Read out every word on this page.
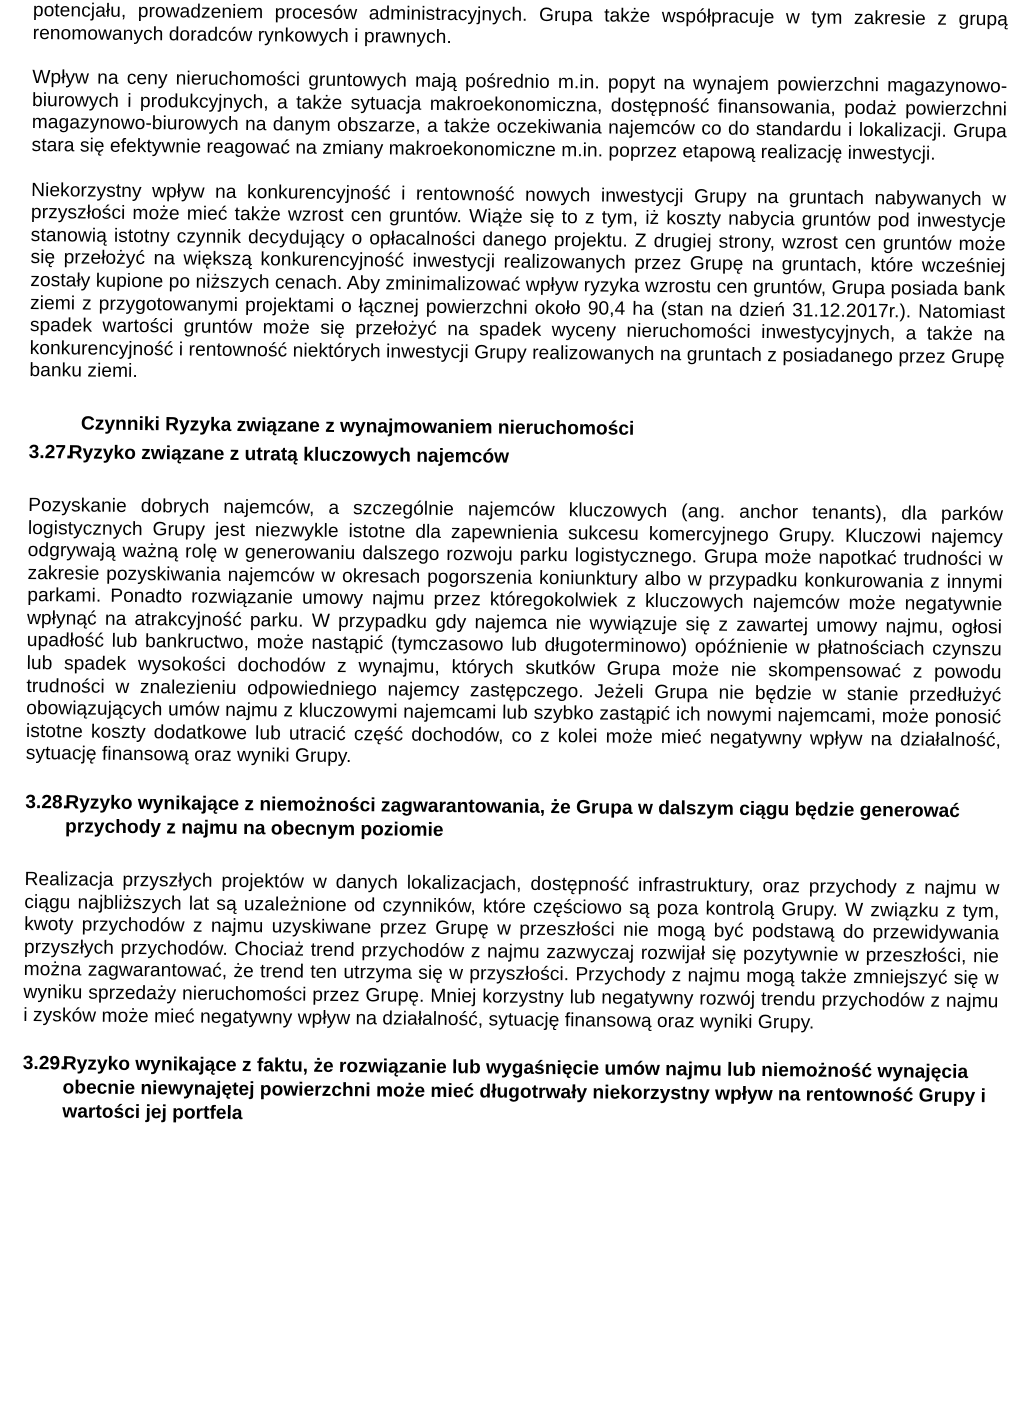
potencjału, prowadzeniem procesów administracyjnych. Grupa także współpracuje w tym zakresie z grupą renomowanych doradców rynkowych i prawnych.

Wpływ na ceny nieruchomości gruntowych mają pośrednio m.in. popyt na wynajem powierzchni magazynowo-biurowych i produkcyjnych, a także sytuacja makroekonomiczna, dostępność finansowania, podaż powierzchni magazynowo-biurowych na danym obszarze, a także oczekiwania najemców co do standardu i lokalizacji. Grupa stara się efektywnie reagować na zmiany makroekonomiczne m.in. poprzez etapową realizację inwestycji.

Niekorzystny wpływ na konkurencyjność i rentowność nowych inwestycji Grupy na gruntach nabywanych w przyszłości może mieć także wzrost cen gruntów. Wiąże się to z tym, iż koszty nabycia gruntów pod inwestycje stanowią istotny czynnik decydujący o opłacalności danego projektu. Z drugiej strony, wzrost cen gruntów może się przełożyć na większą konkurencyjność inwestycji realizowanych przez Grupę na gruntach, które wcześniej zostały kupione po niższych cenach. Aby zminimalizować wpływ ryzyka wzrostu cen gruntów, Grupa posiada bank ziemi z przygotowanymi projektami o łącznej powierzchni około 90,4 ha (stan na dzień 31.12.2017r.). Natomiast spadek wartości gruntów może się przełożyć na spadek wyceny nieruchomości inwestycyjnych, a także na konkurencyjność i rentowność niektórych inwestycji Grupy realizowanych na gruntach z posiadanego przez Grupę banku ziemi.

Czynniki Ryzyka związane z wynajmowaniem nieruchomości

3.27.
Ryzyko związane z utratą kluczowych najemców

Pozyskanie dobrych najemców, a szczególnie najemców kluczowych (ang. anchor tenants), dla parków logistycznych Grupy jest niezwykle istotne dla zapewnienia sukcesu komercyjnego Grupy. Kluczowi najemcy odgrywają ważną rolę w generowaniu dalszego rozwoju parku logistycznego. Grupa może napotkać trudności w zakresie pozyskiwania najemców w okresach pogorszenia koniunktury albo w przypadku konkurowania z innymi parkami. Ponadto rozwiązanie umowy najmu przez któregokolwiek z kluczowych najemców może negatywnie wpłynąć na atrakcyjność parku. W przypadku gdy najemca nie wywiązuje się z zawartej umowy najmu, ogłosi upadłość lub bankructwo, może nastąpić (tymczasowo lub długoterminowo) opóźnienie w płatnościach czynszu lub spadek wysokości dochodów z wynajmu, których skutków Grupa może nie skompensować z powodu trudności w znalezieniu odpowiedniego najemcy zastępczego. Jeżeli Grupa nie będzie w stanie przedłużyć obowiązujących umów najmu z kluczowymi najemcami lub szybko zastąpić ich nowymi najemcami, może ponosić istotne koszty dodatkowe lub utracić część dochodów, co z kolei może mieć negatywny wpływ na działalność, sytuację finansową oraz wyniki Grupy.

3.28.
Ryzyko wynikające z niemożności zagwarantowania, że Grupa w dalszym ciągu będzie generować przychody z najmu na obecnym poziomie

Realizacja przyszłych projektów w danych lokalizacjach, dostępność infrastruktury, oraz przychody z najmu w ciągu najbliższych lat są uzależnione od czynników, które częściowo są poza kontrolą Grupy. W związku z tym, kwoty przychodów z najmu uzyskiwane przez Grupę w przeszłości nie mogą być podstawą do przewidywania przyszłych przychodów. Chociaż trend przychodów z najmu zazwyczaj rozwijał się pozytywnie w przeszłości, nie można zagwarantować, że trend ten utrzyma się w przyszłości. Przychody z najmu mogą także zmniejszyć się w wyniku sprzedaży nieruchomości przez Grupę. Mniej korzystny lub negatywny rozwój trendu przychodów z najmu i zysków może mieć negatywny wpływ na działalność, sytuację finansową oraz wyniki Grupy.

3.29.
Ryzyko wynikające z faktu, że rozwiązanie lub wygaśnięcie umów najmu lub niemożność wynajęcia obecnie niewynajętej powierzchni może mieć długotrwały niekorzystny wpływ na rentowność Grupy i wartości jej portfela
